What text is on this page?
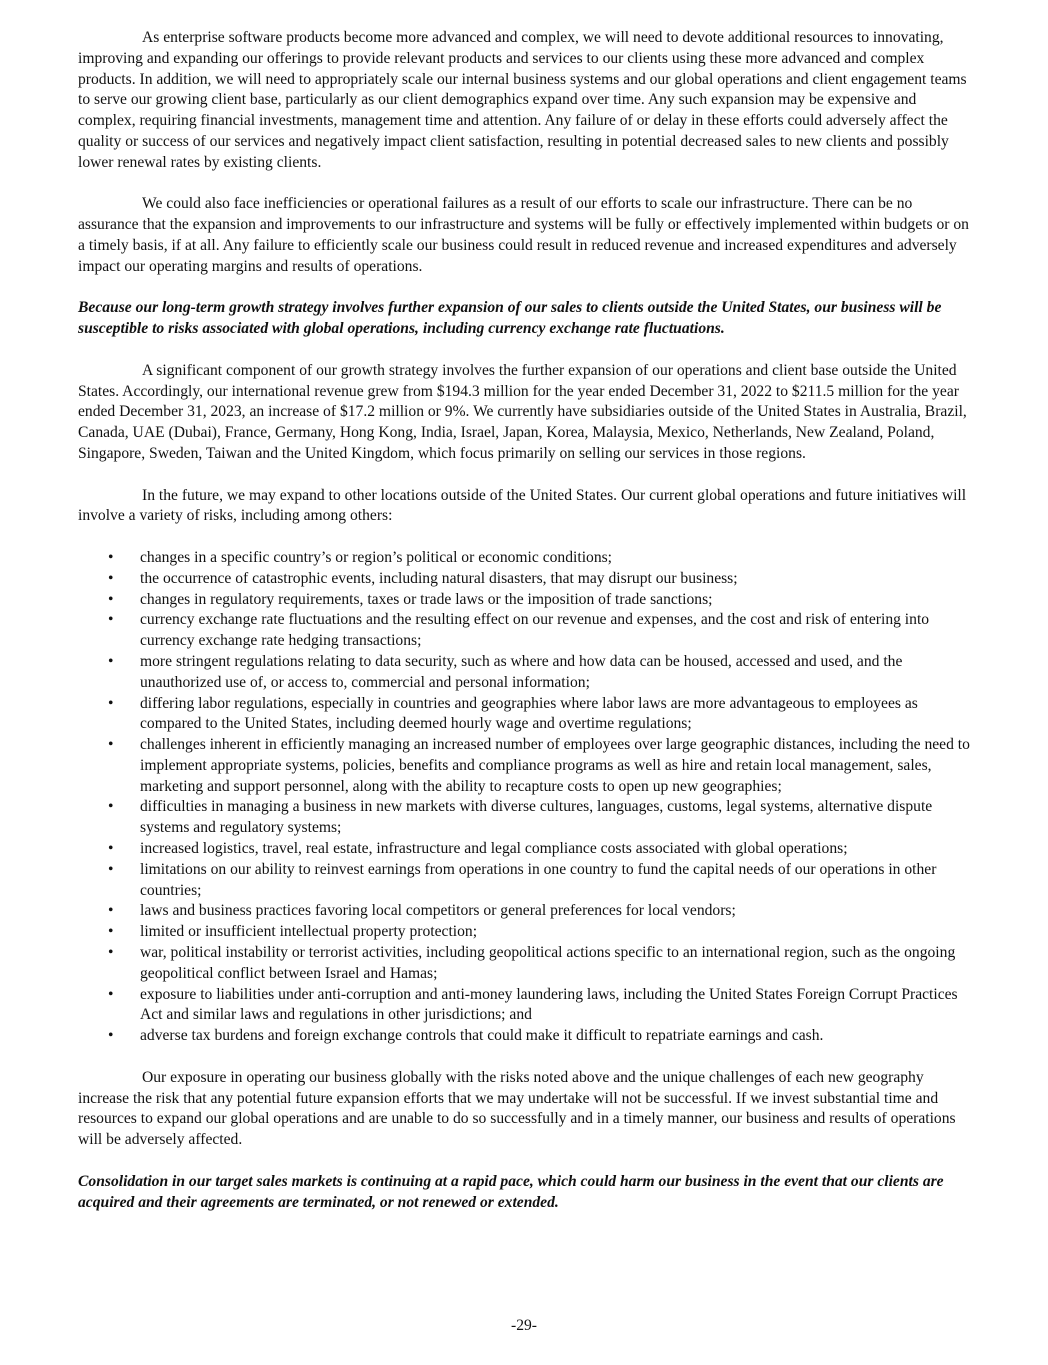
As enterprise software products become more advanced and complex, we will need to devote additional resources to innovating, improving and expanding our offerings to provide relevant products and services to our clients using these more advanced and complex products. In addition, we will need to appropriately scale our internal business systems and our global operations and client engagement teams to serve our growing client base, particularly as our client demographics expand over time. Any such expansion may be expensive and complex, requiring financial investments, management time and attention. Any failure of or delay in these efforts could adversely affect the quality or success of our services and negatively impact client satisfaction, resulting in potential decreased sales to new clients and possibly lower renewal rates by existing clients.

We could also face inefficiencies or operational failures as a result of our efforts to scale our infrastructure. There can be no assurance that the expansion and improvements to our infrastructure and systems will be fully or effectively implemented within budgets or on a timely basis, if at all. Any failure to efficiently scale our business could result in reduced revenue and increased expenditures and adversely impact our operating margins and results of operations.

Because our long-term growth strategy involves further expansion of our sales to clients outside the United States, our business will be susceptible to risks associated with global operations, including currency exchange rate fluctuations.

A significant component of our growth strategy involves the further expansion of our operations and client base outside the United States. Accordingly, our international revenue grew from $194.3 million for the year ended December 31, 2022 to $211.5 million for the year ended December 31, 2023, an increase of $17.2 million or 9%. We currently have subsidiaries outside of the United States in Australia, Brazil, Canada, UAE (Dubai), France, Germany, Hong Kong, India, Israel, Japan, Korea, Malaysia, Mexico, Netherlands, New Zealand, Poland, Singapore, Sweden, Taiwan and the United Kingdom, which focus primarily on selling our services in those regions.

In the future, we may expand to other locations outside of the United States. Our current global operations and future initiatives will involve a variety of risks, including among others:

• changes in a specific country’s or region’s political or economic conditions;
• the occurrence of catastrophic events, including natural disasters, that may disrupt our business;
• changes in regulatory requirements, taxes or trade laws or the imposition of trade sanctions;
• currency exchange rate fluctuations and the resulting effect on our revenue and expenses, and the cost and risk of entering into currency exchange rate hedging transactions;
• more stringent regulations relating to data security, such as where and how data can be housed, accessed and used, and the unauthorized use of, or access to, commercial and personal information;
• differing labor regulations, especially in countries and geographies where labor laws are more advantageous to employees as compared to the United States, including deemed hourly wage and overtime regulations;
• challenges inherent in efficiently managing an increased number of employees over large geographic distances, including the need to implement appropriate systems, policies, benefits and compliance programs as well as hire and retain local management, sales, marketing and support personnel, along with the ability to recapture costs to open up new geographies;
• difficulties in managing a business in new markets with diverse cultures, languages, customs, legal systems, alternative dispute systems and regulatory systems;
• increased logistics, travel, real estate, infrastructure and legal compliance costs associated with global operations;
• limitations on our ability to reinvest earnings from operations in one country to fund the capital needs of our operations in other countries;
• laws and business practices favoring local competitors or general preferences for local vendors;
• limited or insufficient intellectual property protection;
• war, political instability or terrorist activities, including geopolitical actions specific to an international region, such as the ongoing geopolitical conflict between Israel and Hamas;
• exposure to liabilities under anti-corruption and anti-money laundering laws, including the United States Foreign Corrupt Practices Act and similar laws and regulations in other jurisdictions; and
• adverse tax burdens and foreign exchange controls that could make it difficult to repatriate earnings and cash.

Our exposure in operating our business globally with the risks noted above and the unique challenges of each new geography increase the risk that any potential future expansion efforts that we may undertake will not be successful. If we invest substantial time and resources to expand our global operations and are unable to do so successfully and in a timely manner, our business and results of operations will be adversely affected.

Consolidation in our target sales markets is continuing at a rapid pace, which could harm our business in the event that our clients are acquired and their agreements are terminated, or not renewed or extended.

-29-
